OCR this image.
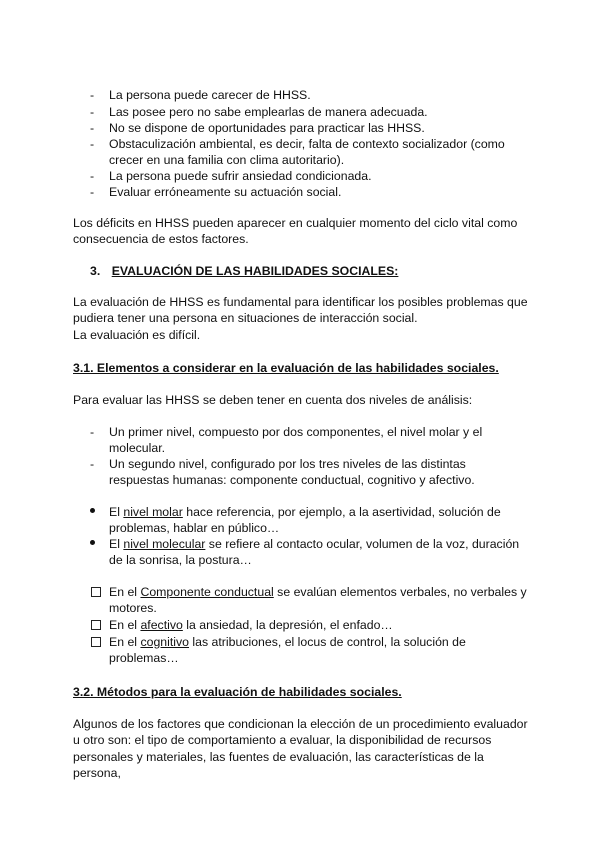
-	La persona puede carecer de HHSS.
-	Las posee pero no sabe emplearlas de manera adecuada.
-	No se dispone de oportunidades para practicar las HHSS.
-	Obstaculización ambiental, es decir, falta de contexto socializador (como crecer en una familia con clima autoritario).
-	La persona puede sufrir ansiedad condicionada.
-	Evaluar erróneamente su actuación social.

Los déficits en HHSS pueden aparecer en cualquier momento del ciclo vital como consecuencia de estos factores.

3. EVALUACIÓN DE LAS HABILIDADES SOCIALES:

La evaluación de HHSS es fundamental para identificar los posibles problemas que pudiera tener una persona en situaciones de interacción social.

La evaluación es difícil.

3.1. Elementos a considerar en la evaluación de las habilidades sociales.

Para evaluar las HHSS se deben tener en cuenta dos niveles de análisis:

-	Un primer nivel, compuesto por dos componentes, el nivel molar y el molecular.
-	Un segundo nivel, configurado por los tres niveles de las distintas respuestas humanas: componente conductual, cognitivo y afectivo.
El nivel molar hace referencia, por ejemplo, a la asertividad, solución de problemas, hablar en público…
El nivel molecular se refiere al contacto ocular, volumen de la voz, duración de la sonrisa, la postura…
En el Componente conductual se evalúan elementos verbales, no verbales y motores.
En el afectivo la ansiedad, la depresión, el enfado…
En el cognitivo las atribuciones, el locus de control, la solución de problemas…
3.2. Métodos para la evaluación de habilidades sociales.

Algunos de los factores que condicionan la elección de un procedimiento evaluador u otro son: el tipo de comportamiento a evaluar, la disponibilidad de recursos personales y materiales, las fuentes de evaluación, las características de la persona,
